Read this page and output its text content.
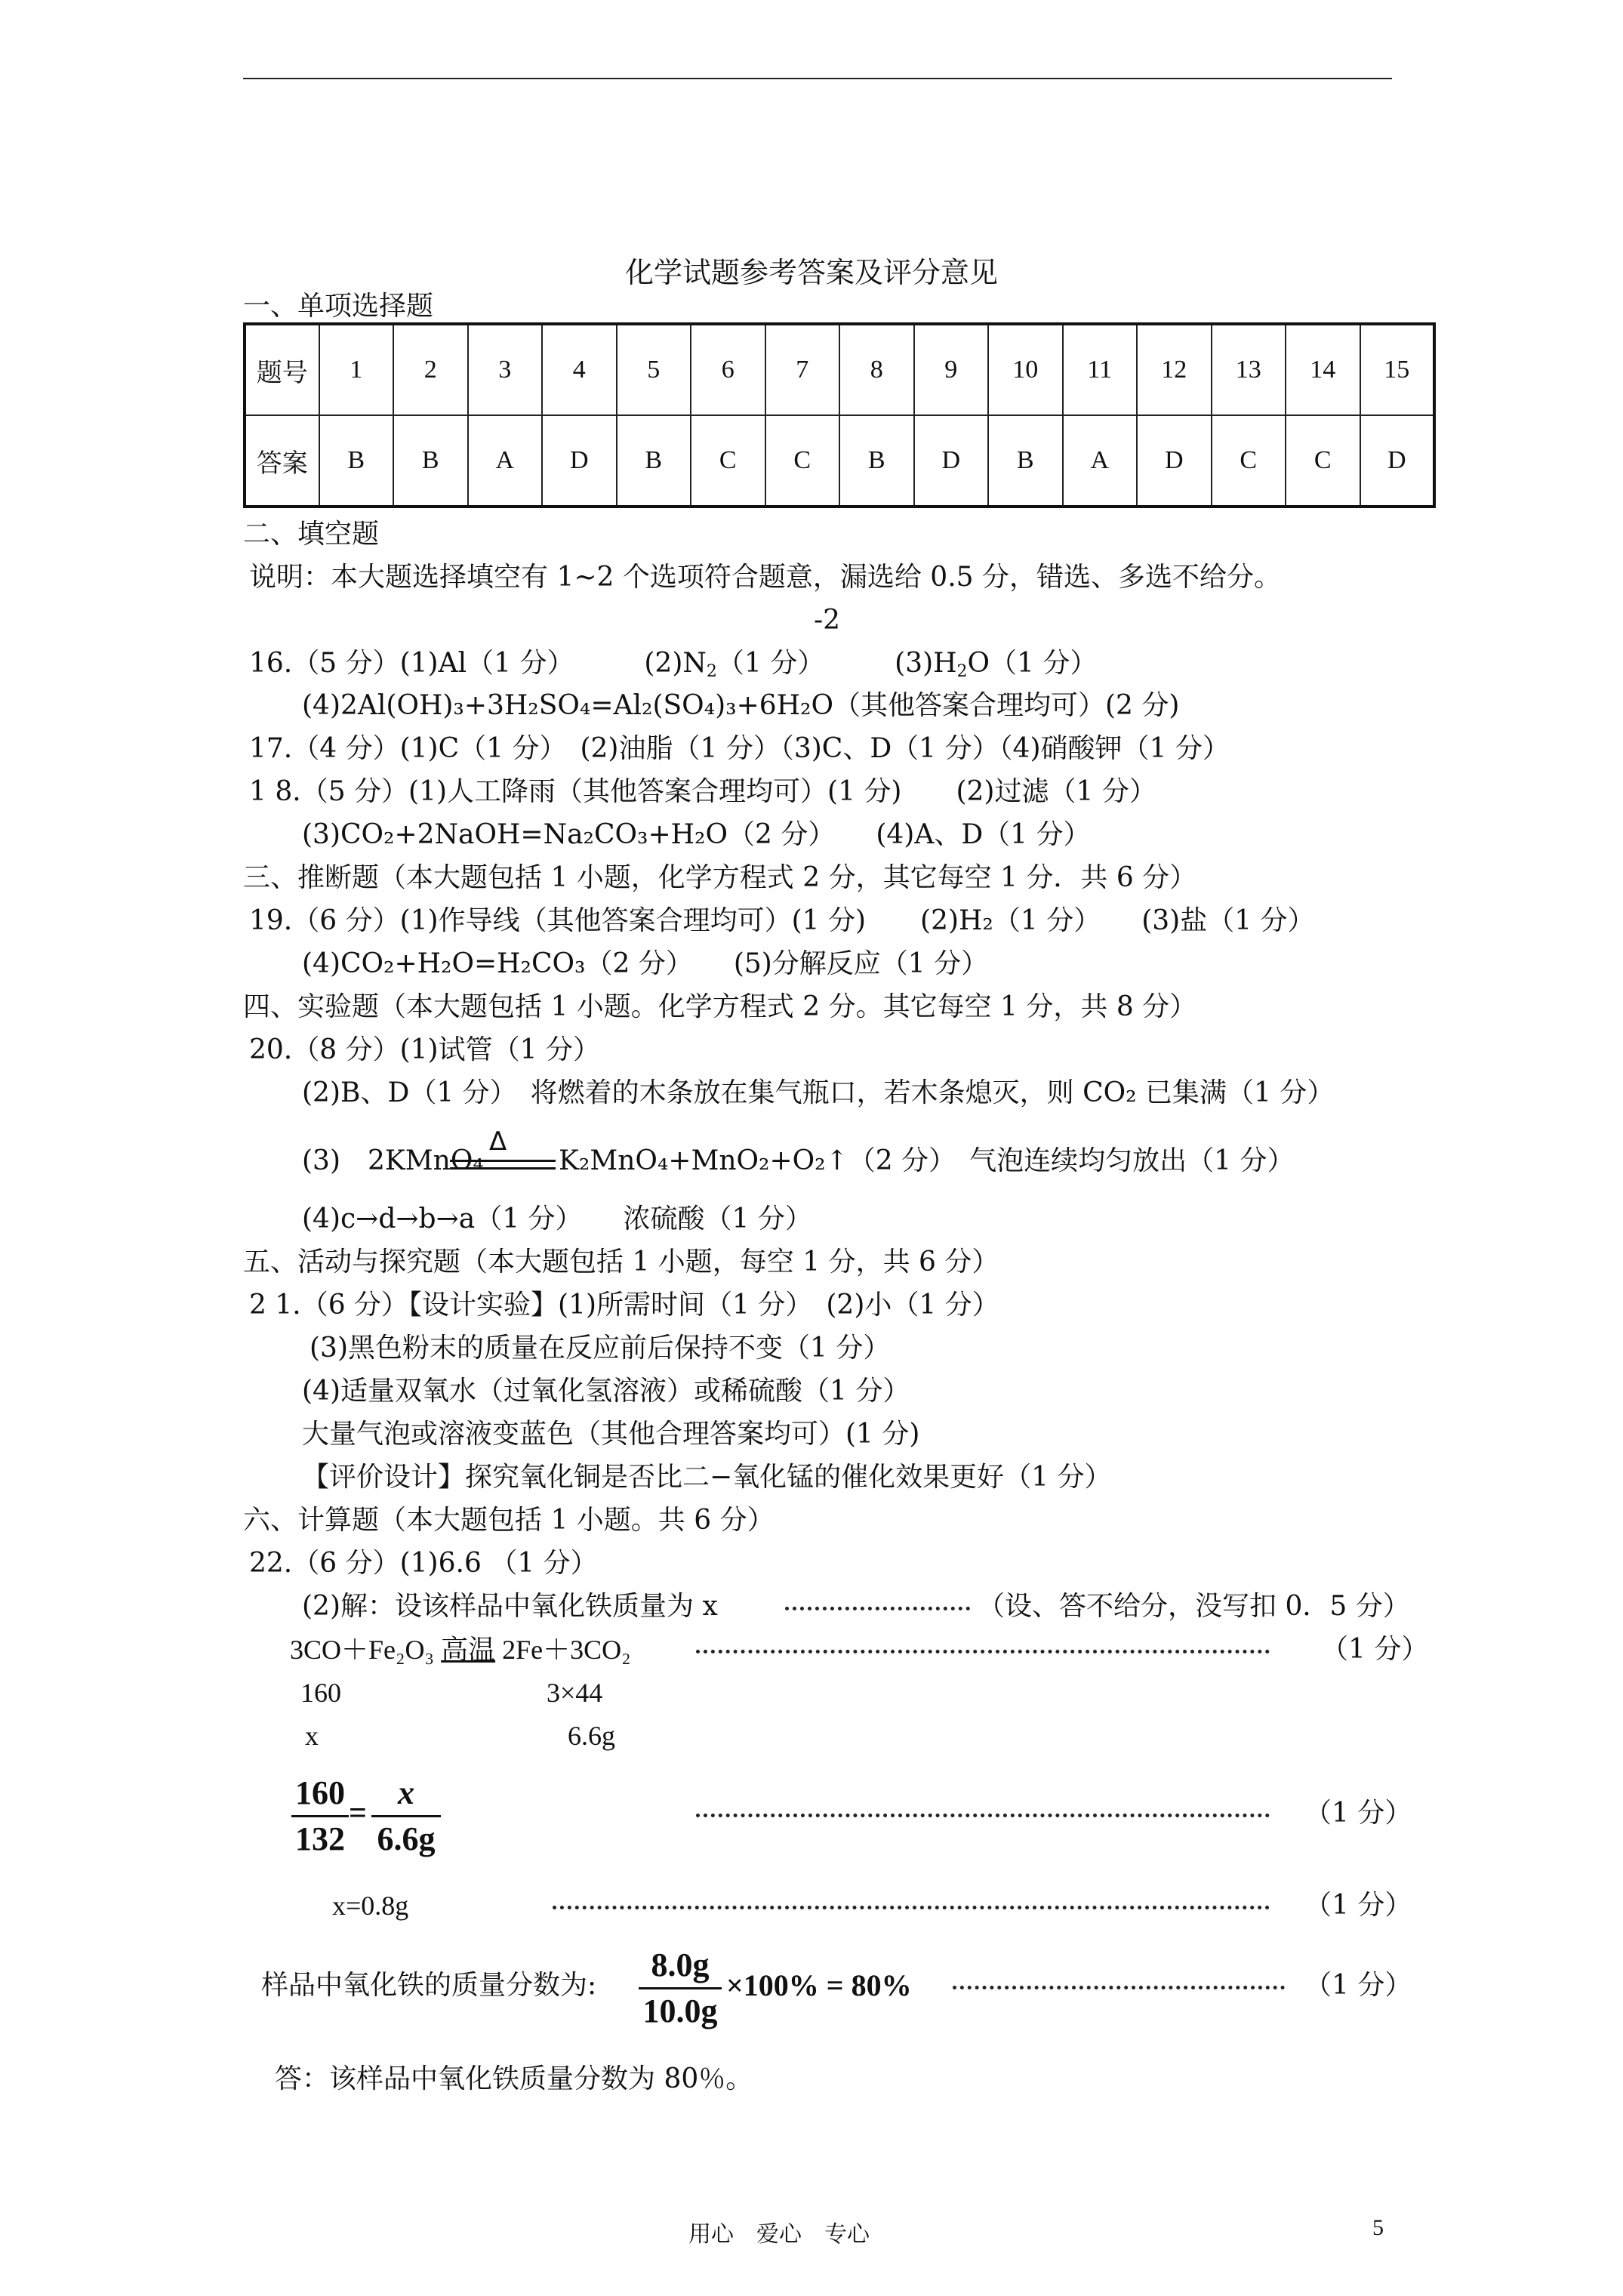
化学试题参考答案及评分意见
一、单项选择题
题号	1	2	3	4	5	6	7	8	9	10	11	12	13	14	15
答案	B	B	A	D	B	C	C	B	D	B	A	D	C	C	D
二、填空题
说明：本大题选择填空有 1~2 个选项符合题意，漏选给 0.5 分，错选、多选不给分。
-2
16.（5 分）(1)Al（1 分）	$(2)N_2(1$ 分）	$(3)H_2O(1$ 分）
(4)2Al(OH)₃+3H₂SO₄=Al₂(SO₄)₃+6H₂O（其他答案合理均可）(2 分)
17.（4 分）(1)C（1 分）　(2)油脂（1 分）（3)C、D（1 分）（4)硝酸钾（1 分）
1 8.（5 分）(1)人工降雨（其他答案合理均可）(1 分)　　(2)过滤（1 分）
(3)CO₂+2NaOH=Na₂CO₃+H₂O（2 分）　　(4)A、D（1 分）
三、推断题（本大题包括 1 小题，化学方程式 2 分，其它每空 1 分．共 6 分）
19.（6 分）(1)作导线（其他答案合理均可）(1 分)　　(2)H₂（1 分）　　(3)盐（1 分）
(4)CO₂+H₂O=H₂CO₃（2 分）　　(5)分解反应（1 分）
四、实验题（本大题包括 1 小题。化学方程式 2 分。其它每空 1 分，共 8 分）
20.（8 分）(1)试管（1 分）
(2)B、D（1 分）　将燃着的木条放在集气瓶口，若木条熄灭，则 CO₂ 已集满（1 分）
(3)　2KMnO₄
Δ
K₂MnO₄+MnO₂+O₂↑（2 分）　气泡连续均匀放出（1 分）
(4)c→d→b→a（1 分）　　浓硫酸（1 分）
五、活动与探究题（本大题包括 1 小题，每空 1 分，共 6 分）
2 1.（6 分）【设计实验】(1)所需时间（1 分）　(2)小（1 分）
(3)黑色粉末的质量在反应前后保持不变（1 分）
(4)适量双氧水（过氧化氢溶液）或稀硫酸（1 分）
大量气泡或溶液变蓝色（其他合理答案均可）(1 分)
【评价设计】探究氧化铜是否比二−氧化锰的催化效果更好（1 分）
六、计算题（本大题包括 1 小题。共 6 分）
22.（6 分）(1)6.6 （1 分）
(2)解：设该样品中氧化铁质量为 x	（设、答不给分，没写扣 0．5 分）
3CO＋Fe₂O₃ 高温 2Fe＋3CO₂	（1 分）
160	3×44
x	6.6g
160
132
=
x
6.6g
（1 分）
x=0.8g	（1 分）
样品中氧化铁的质量分数为:
8.0g
10.0g
×100% = 80%	（1 分）
答：该样品中氧化铁质量分数为 80％。
用心　爱心　专心	5
